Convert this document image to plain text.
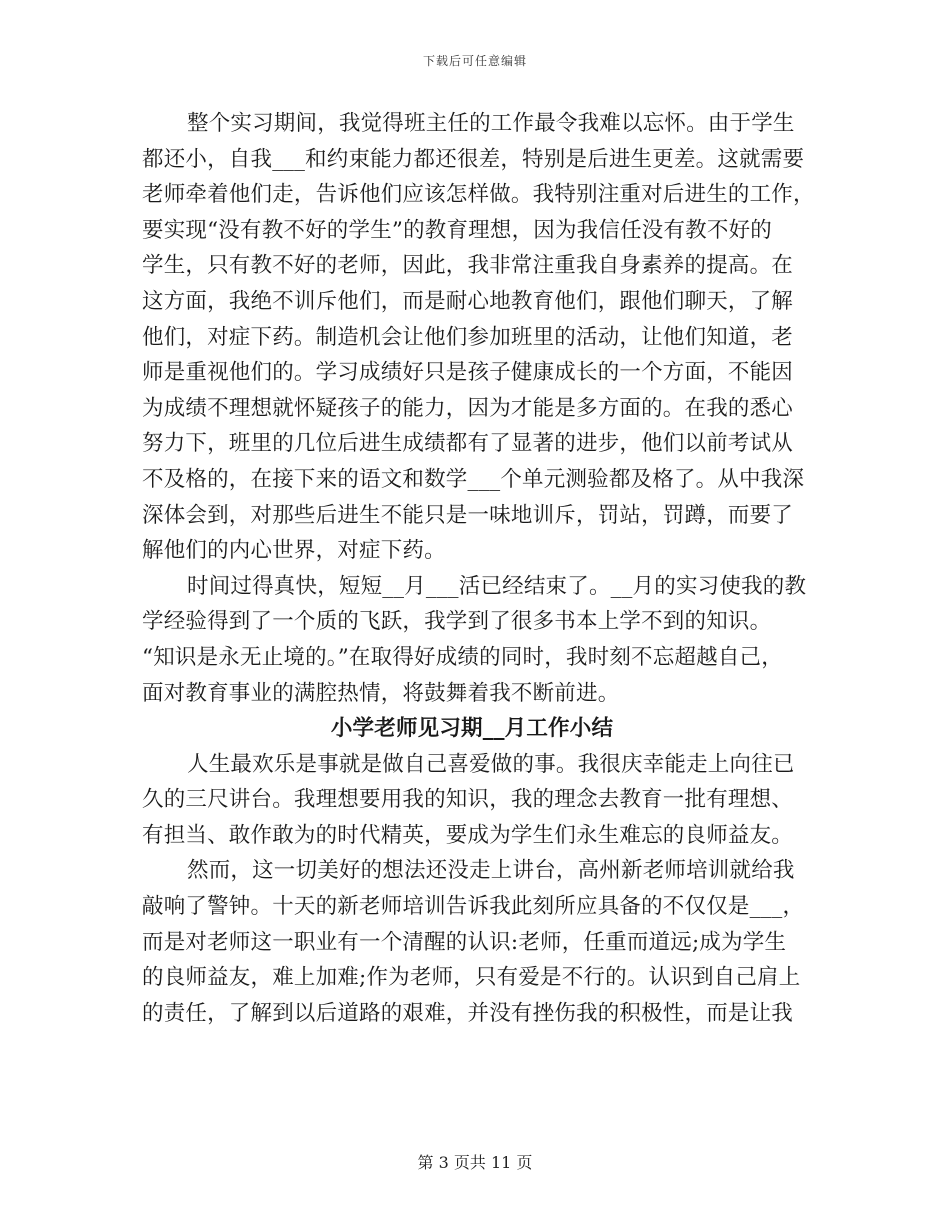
下载后可任意编辑

整个实习期间，我觉得班主任的工作最令我难以忘怀。由于学生

都还小，自我___和约束能力都还很差，特别是后进生更差。这就需要

老师牵着他们走，告诉他们应该怎样做。我特别注重对后进生的工作，

要实现“没有教不好的学生”的教育理想，因为我信任没有教不好的

学生，只有教不好的老师，因此，我非常注重我自身素养的提高。在

这方面，我绝不训斥他们，而是耐心地教育他们，跟他们聊天，了解

他们，对症下药。制造机会让他们参加班里的活动，让他们知道，老

师是重视他们的。学习成绩好只是孩子健康成长的一个方面，不能因

为成绩不理想就怀疑孩子的能力，因为才能是多方面的。在我的悉心

努力下，班里的几位后进生成绩都有了显著的进步，他们以前考试从

不及格的，在接下来的语文和数学___个单元测验都及格了。从中我深

深体会到，对那些后进生不能只是一味地训斥，罚站，罚蹲，而要了

解他们的内心世界，对症下药。

时间过得真快，短短__月___活已经结束了。__月的实习使我的教

学经验得到了一个质的飞跃，我学到了很多书本上学不到的知识。

“知识是永无止境的。”在取得好成绩的同时，我时刻不忘超越自己，

面对教育事业的满腔热情，将鼓舞着我不断前进。

小学老师见习期__月工作小结

人生最欢乐是事就是做自己喜爱做的事。我很庆幸能走上向往已

久的三尺讲台。我理想要用我的知识，我的理念去教育一批有理想、

有担当、敢作敢为的时代精英，要成为学生们永生难忘的良师益友。

然而，这一切美好的想法还没走上讲台，高州新老师培训就给我

敲响了警钟。十天的新老师培训告诉我此刻所应具备的不仅仅是___，

而是对老师这一职业有一个清醒的认识:老师，任重而道远;成为学生

的良师益友，难上加难;作为老师，只有爱是不行的。认识到自己肩上

的责任，了解到以后道路的艰难，并没有挫伤我的积极性，而是让我

第 3 页共 11 页
